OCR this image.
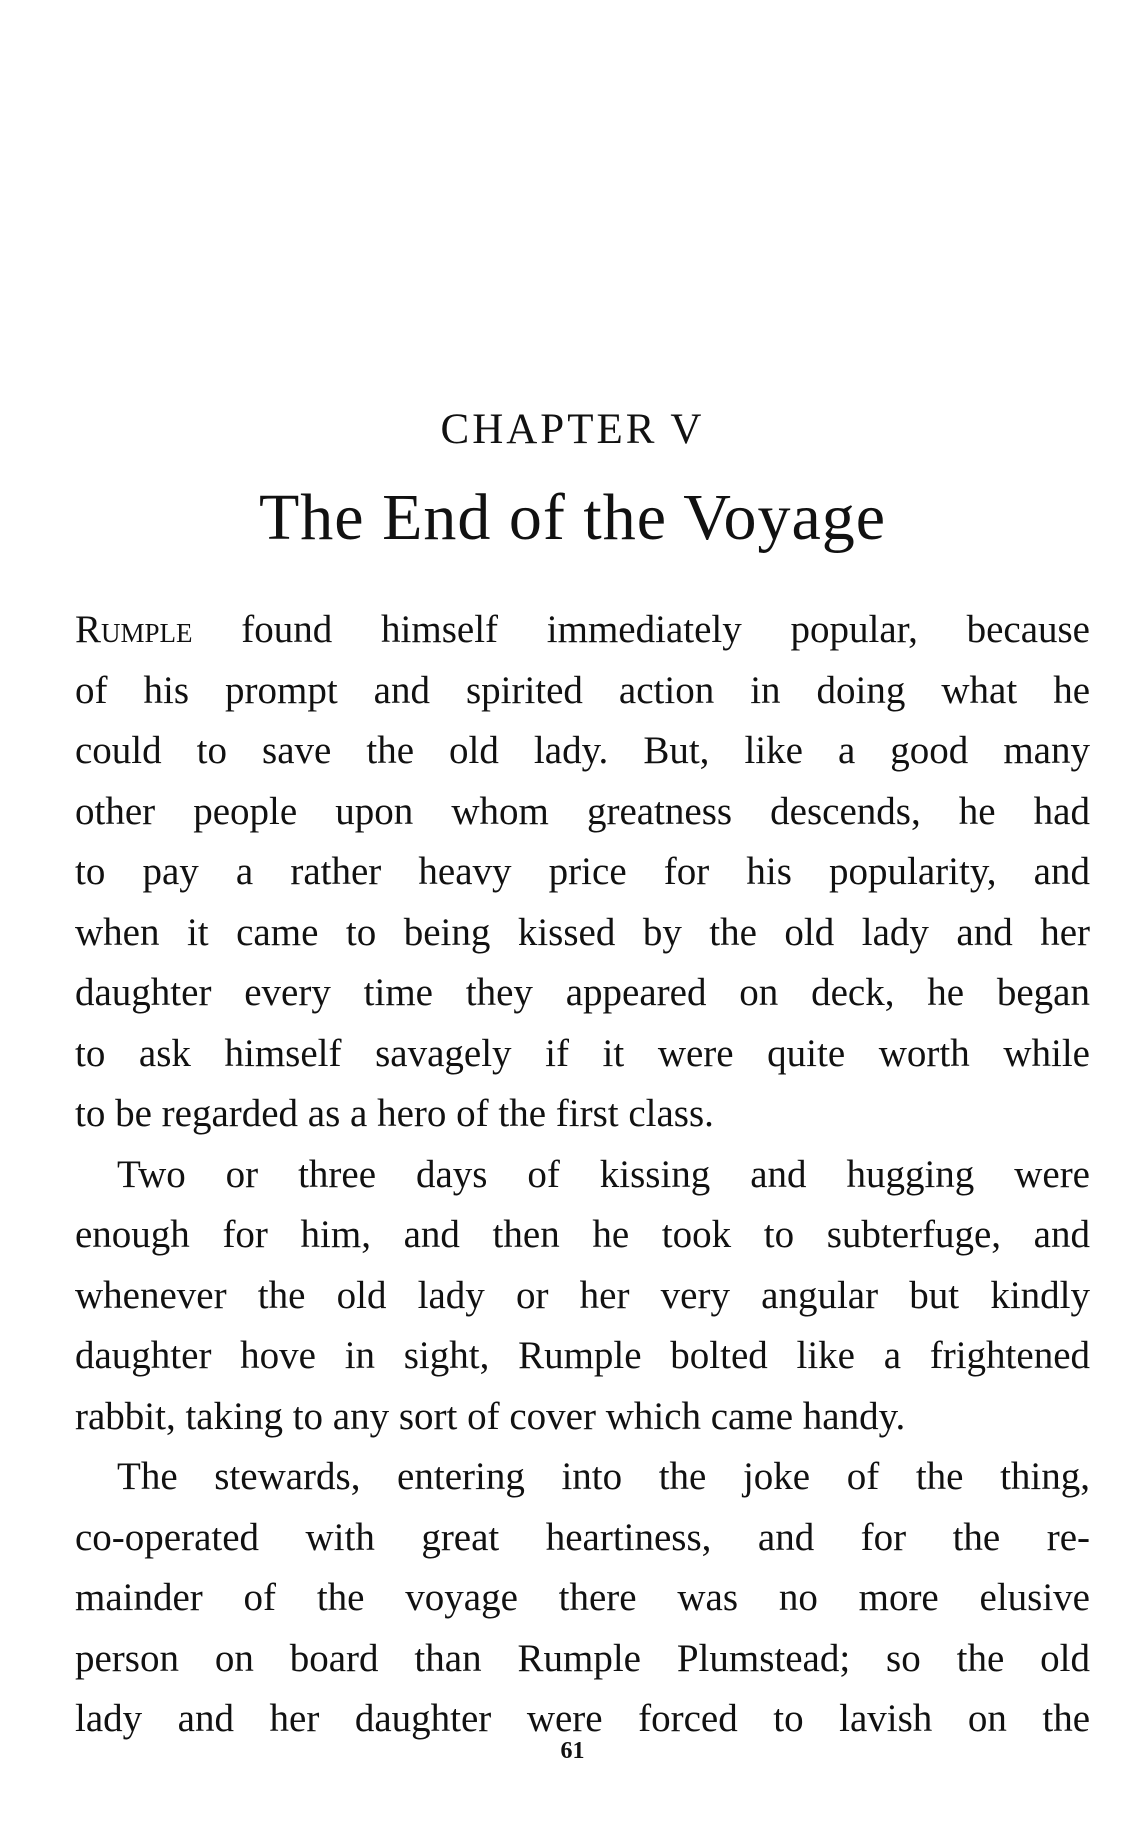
CHAPTER V
The End of the Voyage
Rumple found himself immediately popular, because
of his prompt and spirited action in doing what he
could to save the old lady. But, like a good many
other people upon whom greatness descends, he had
to pay a rather heavy price for his popularity, and
when it came to being kissed by the old lady and her
daughter every time they appeared on deck, he began
to ask himself savagely if it were quite worth while
to be regarded as a hero of the first class.
Two or three days of kissing and hugging were
enough for him, and then he took to subterfuge, and
whenever the old lady or her very angular but kindly
daughter hove in sight, Rumple bolted like a frightened
rabbit, taking to any sort of cover which came handy.
The stewards, entering into the joke of the thing,
co-operated with great heartiness, and for the re-
mainder of the voyage there was no more elusive
person on board than Rumple Plumstead; so the old
lady and her daughter were forced to lavish on the
61
